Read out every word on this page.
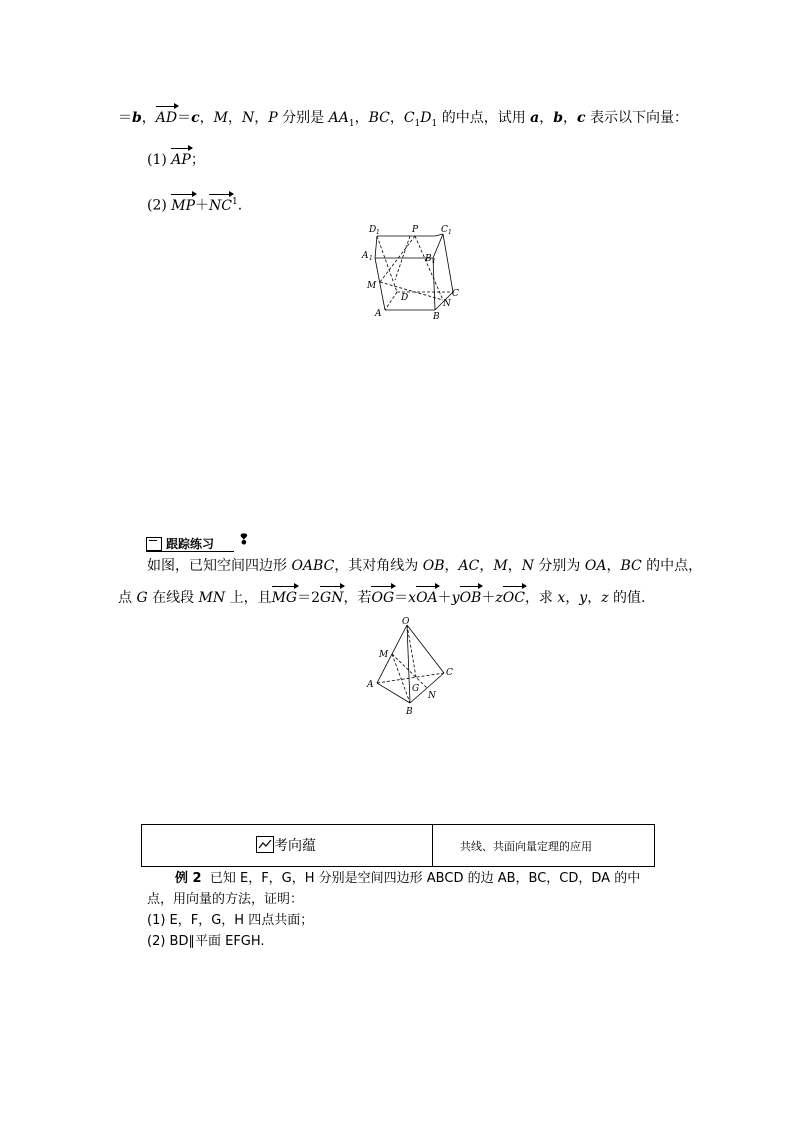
＝b，AD＝c，M，N，P 分别是 $AA_1$，BC，$C_1D_1$ 的中点，试用 a，b，c 表示以下向量：
(1) AP；
(2) $MP+NC^1$.
D 1	P	C 1
A 1	B 1
M
D	C
N
A	B
跟踪练习 ❢
如图，已知空间四边形 OABC，其对角线为 OB，AC，M，N 分别为 OA，BC 的中点，
点 G 在线段 MN 上，且MG＝2GN，若OG＝xOA＋yOB＋zOC，求 x，y，z 的值.
O
M
C
A	G
N
B
考向蕴	共线、共面向量定理的应用
例 2 已知 E，F，G，H 分别是空间四边形 ABCD 的边 AB，BC，CD，DA 的中
点，用向量的方法，证明：
(1) E，F，G，H 四点共面；
(2) BD∥平面 EFGH.
